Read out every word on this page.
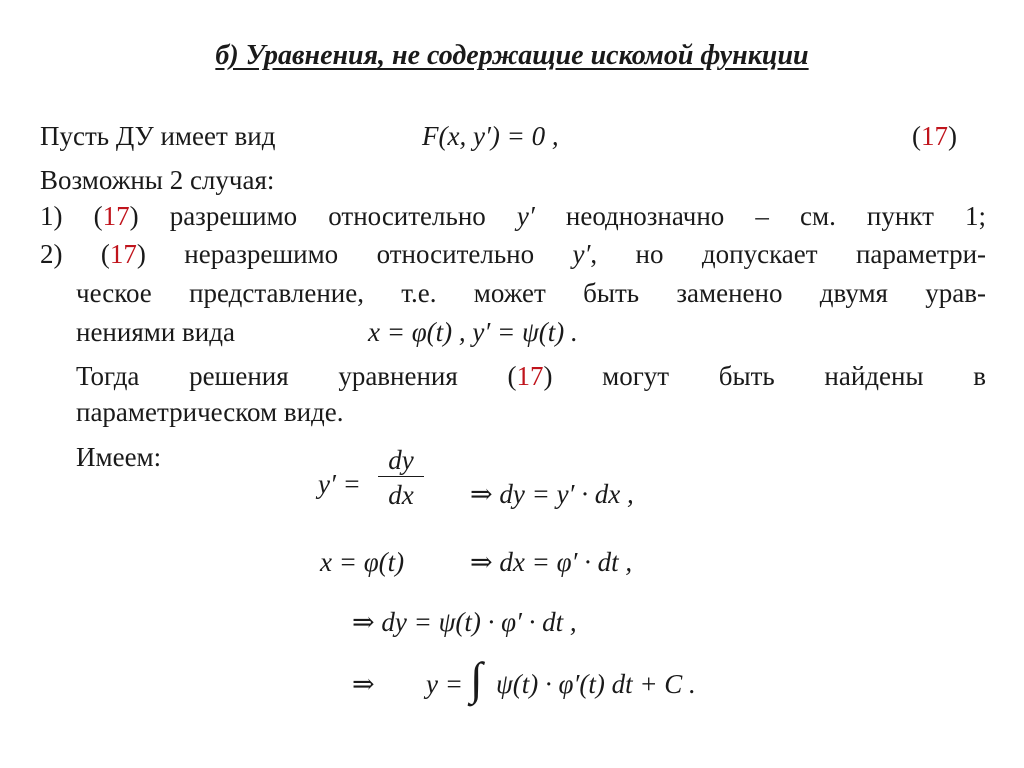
б) Уравнения, не содержащие искомой функции
Пусть ДУ имеет вид	F(x, y′) = 0 ,	(17)
Возможны 2 случая:
1) (17) разрешимо относительно y′ неоднозначно – см. пункт 1;
2) (17) неразрешимо относительно y′, но допускает параметри-
ческое представление, т.е. может быть заменено двумя урав-
нениями вида	x = φ(t) , y′ = ψ(t) .
Тогда решения уравнения (17) могут быть найдены в
параметрическом виде.
Имеем:
y′ =
dy
dx	⇒ dy = y′ · dx ,
x = φ(t) ⇒ dx = φ′ · dt ,
⇒ dy = ψ(t) · φ′ · dt ,
⇒ y = ∫ ψ(t) · φ′(t) dt + C .
